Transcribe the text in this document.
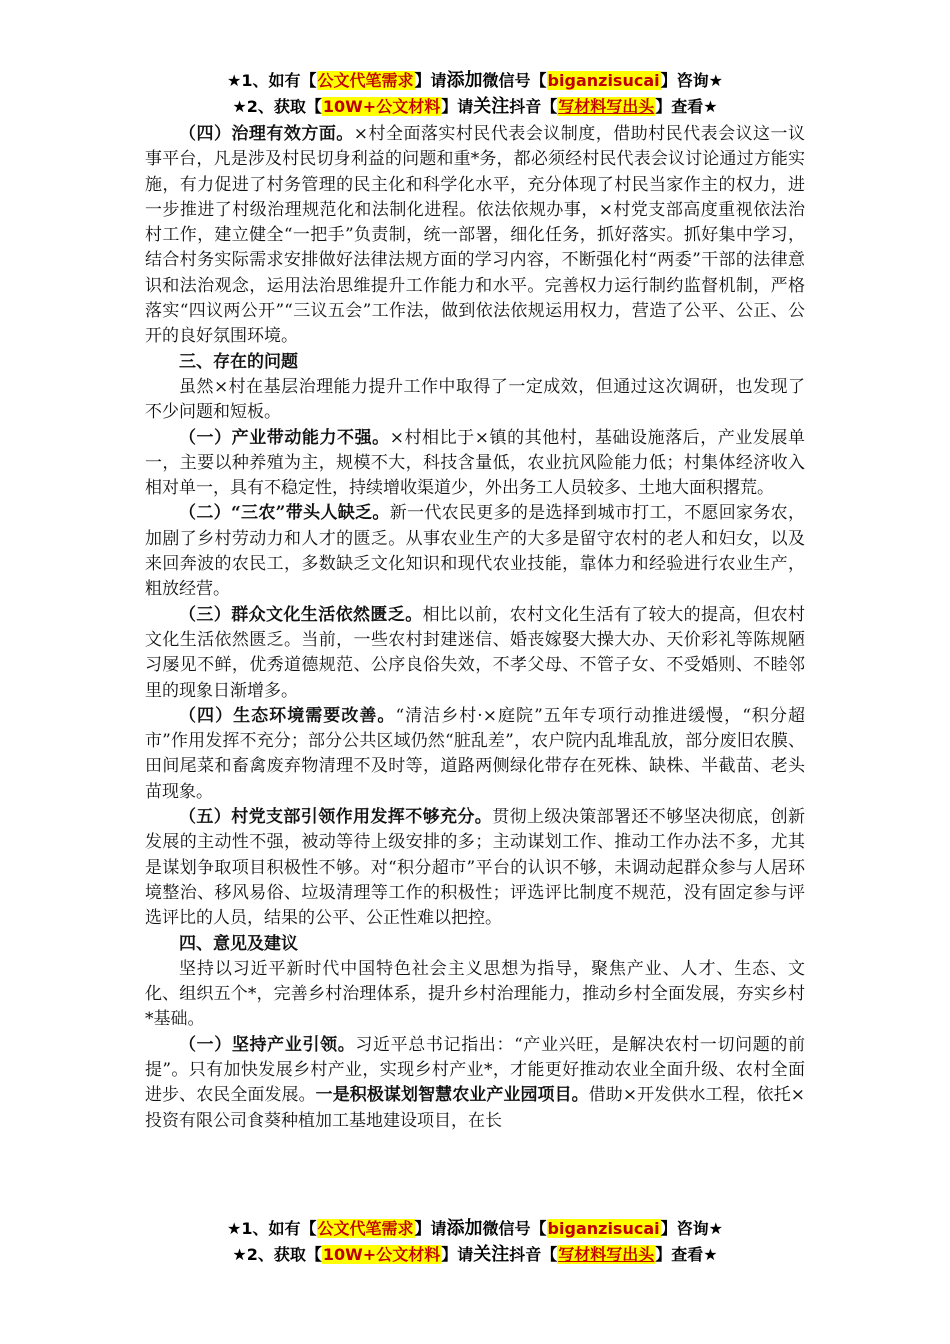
★1、如有【公文代笔需求】请添加微信号【biganzisucai】咨询★
★2、获取【10W+公文材料】请关注抖音【写材料写出头】查看★

（四）治理有效方面。×村全面落实村民代表会议制度，借助村民代表会议这一议事平台，凡是涉及村民切身利益的问题和重*务，都必须经村民代表会议讨论通过方能实施，有力促进了村务管理的民主化和科学化水平，充分体现了村民当家作主的权力，进一步推进了村级治理规范化和法制化进程。依法依规办事，×村党支部高度重视依法治村工作，建立健全“一把手”负责制，统一部署，细化任务，抓好落实。抓好集中学习，结合村务实际需求安排做好法律法规方面的学习内容，不断强化村“两委”干部的法律意识和法治观念，运用法治思维提升工作能力和水平。完善权力运行制约监督机制，严格落实“四议两公开”“三议五会”工作法，做到依法依规运用权力，营造了公平、公正、公开的良好氛围环境。

三、存在的问题

虽然×村在基层治理能力提升工作中取得了一定成效，但通过这次调研，也发现了不少问题和短板。

（一）产业带动能力不强。×村相比于×镇的其他村，基础设施落后，产业发展单一，主要以种养殖为主，规模不大，科技含量低，农业抗风险能力低；村集体经济收入相对单一，具有不稳定性，持续增收渠道少，外出务工人员较多、土地大面积撂荒。

（二）“三农”带头人缺乏。新一代农民更多的是选择到城市打工，不愿回家务农，加剧了乡村劳动力和人才的匮乏。从事农业生产的大多是留守农村的老人和妇女，以及来回奔波的农民工，多数缺乏文化知识和现代农业技能，靠体力和经验进行农业生产，粗放经营。

（三）群众文化生活依然匮乏。相比以前，农村文化生活有了较大的提高，但农村文化生活依然匮乏。当前，一些农村封建迷信、婚丧嫁娶大操大办、天价彩礼等陈规陋习屡见不鲜，优秀道德规范、公序良俗失效，不孝父母、不管子女、不受婚则、不睦邻里的现象日渐增多。

（四）生态环境需要改善。“清洁乡村·×庭院”五年专项行动推进缓慢，“积分超市”作用发挥不充分；部分公共区域仍然“脏乱差”，农户院内乱堆乱放，部分废旧农膜、田间尾菜和畜禽废弃物清理不及时等，道路两侧绿化带存在死株、缺株、半截苗、老头苗现象。

（五）村党支部引领作用发挥不够充分。贯彻上级决策部署还不够坚决彻底，创新发展的主动性不强，被动等待上级安排的多；主动谋划工作、推动工作办法不多，尤其是谋划争取项目积极性不够。对“积分超市”平台的认识不够，未调动起群众参与人居环境整治、移风易俗、垃圾清理等工作的积极性；评选评比制度不规范，没有固定参与评选评比的人员，结果的公平、公正性难以把控。

四、意见及建议

坚持以习近平新时代中国特色社会主义思想为指导，聚焦产业、人才、生态、文化、组织五个*，完善乡村治理体系，提升乡村治理能力，推动乡村全面发展，夯实乡村*基础。

（一）坚持产业引领。习近平总书记指出：“产业兴旺，是解决农村一切问题的前提”。只有加快发展乡村产业，实现乡村产业*，才能更好推动农业全面升级、农村全面进步、农民全面发展。一是积极谋划智慧农业产业园项目。借助×开发供水工程，依托×投资有限公司食葵种植加工基地建设项目，在长

★1、如有【公文代笔需求】请添加微信号【biganzisucai】咨询★
★2、获取【10W+公文材料】请关注抖音【写材料写出头】查看★
